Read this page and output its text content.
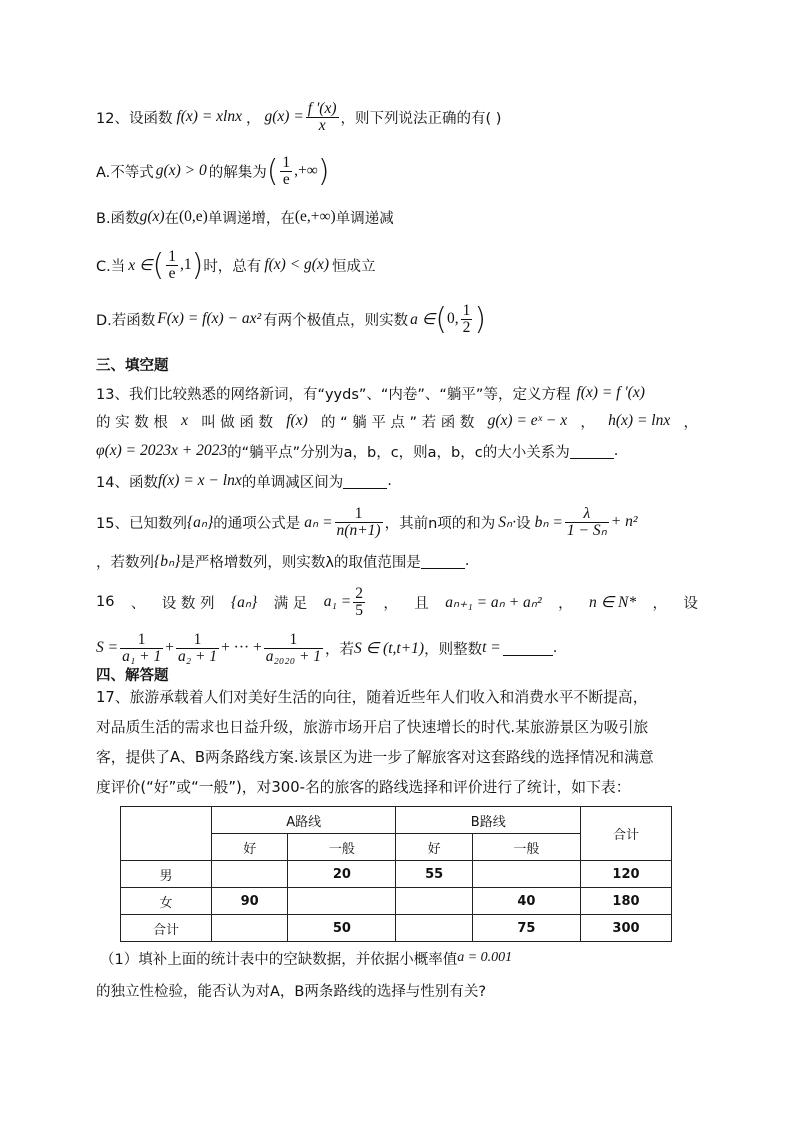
12、设函数 f(x) = xlnx ， $g(x) = \frac{f '(x)}{x}$ ，则下列说法正确的有( )
A.不等式 g(x) > 0 的解集为 ( $\frac{1}{e}$ ,+∞ )
B.函数 g(x) 在 (0,e) 单调递增，在 (e,+∞) 单调递减
C.当 x ∈ ( $\frac{1}{e} ,1$ ) 时，总有 f(x) < g(x) 恒成立
D.若函数 F(x) = f(x) − ax² 有两个极值点，则实数 a ∈ ( 0, $\frac{1}{2}$ )
三、填空题
13、我们比较熟悉的网络新词，有“yyds”、“内卷”、“躺平”等，定义方程 f(x) = f '(x)
的 实 数 根 x 叫 做 函 数 f(x) 的 “ 躺 平 点 ” 若 函 数 g(x) = eˣ − x ， h(x) = lnx ，
φ(x) = 2023x + 2023 的“躺平点”分别为a，b，c，则a，b，c的大小关系为	.
14、函数 f(x) = x − lnx 的单调减区间为	.
15、已知数列 {aₙ} 的通项公式是 $a_n = \frac{1}{n(n+1)}$ ，其前n项的和为 Sₙ· 设 $b_n = \frac{\lambda}{\text{1 − Sₙ}} + n^2$
，若数列 {bₙ} 是严格增数列，则实数λ的取值范围是	.
16 、 设 数 列 {aₙ} 满 足 $a_1 = \frac{2}{5}$ ， 且 aₙ₊₁ = aₙ + aₙ² ， n ∈ N* ， 设
$S = \frac{1}{\text{a₁ + 1}} + \frac{1}{\text{a₂ + 1}}$ + ··· + $\frac{1}{\text{a₂₀₂₀ + 1}}$ ，若 S ∈ (t,t+1) ，则整数 t =	.
四、解答题
17、旅游承载着人们对美好生活的向往，随着近些年人们收入和消费水平不断提高，
对品质生活的需求也日益升级，旅游市场开启了快速增长的时代.某旅游景区为吸引旅
客，提供了A、B两条路线方案.该景区为进一步了解旅客对这套路线的选择情况和满意
度评价(“好”或“一般”)，对300-名的旅客的路线选择和评价进行了统计，如下表：
	A路线		B路线		合计
	好	一般	好	一般	
男		20	55		120
女	90			40	180
合计		50		75	300
（1）填补上面的统计表中的空缺数据，并依据小概率值 a = 0.001
的独立性检验，能否认为对A，B两条路线的选择与性别有关?
